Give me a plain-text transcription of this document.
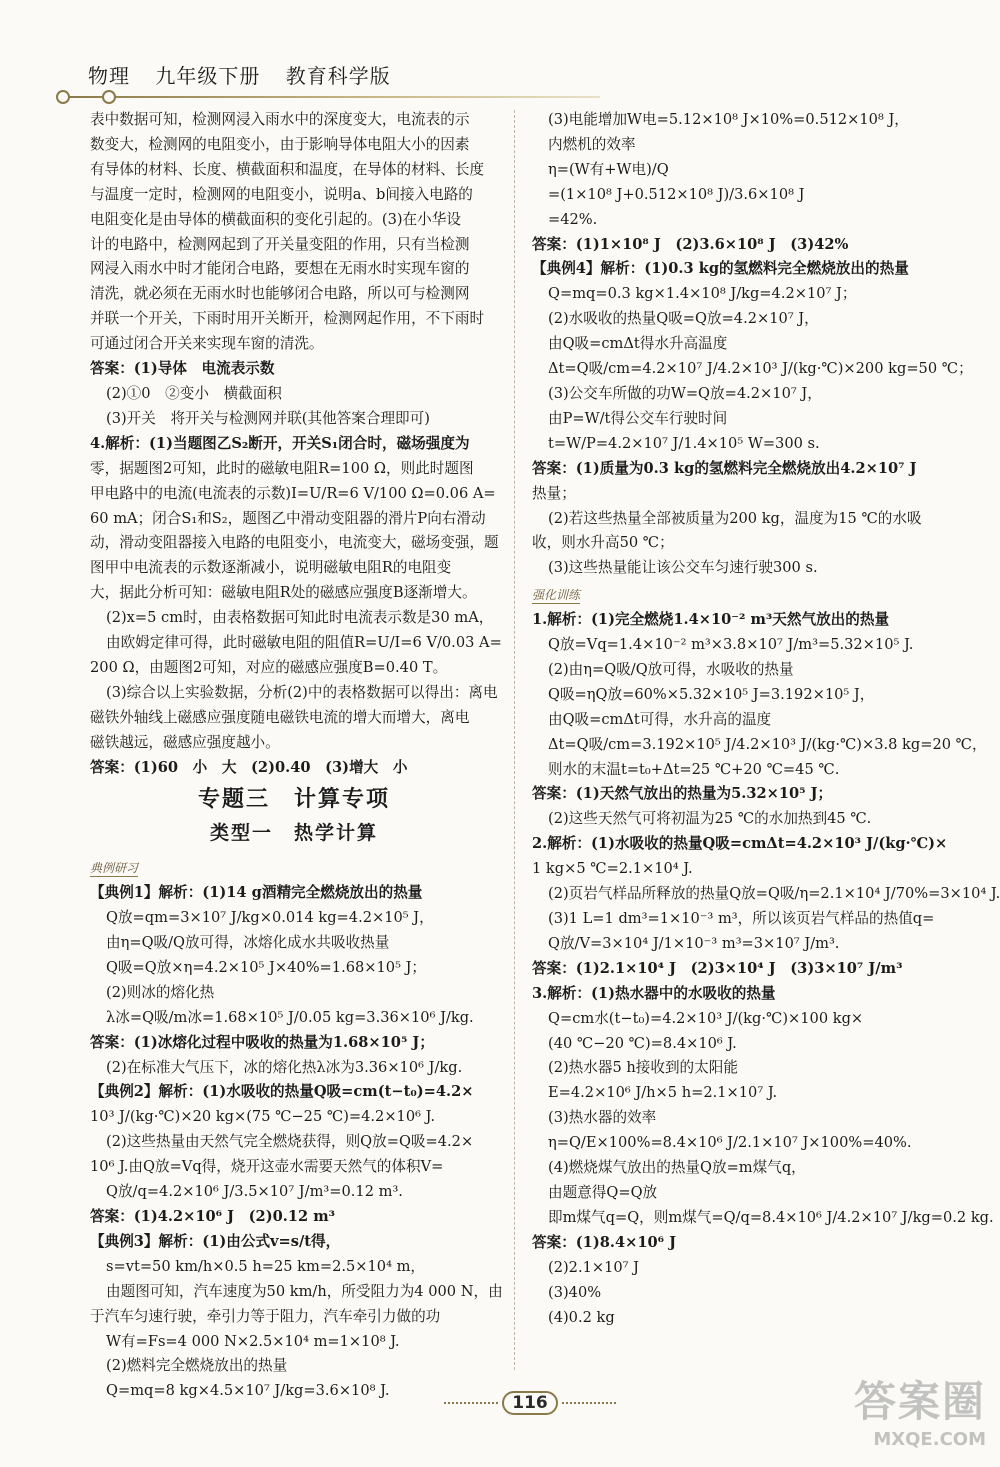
物理 九年级下册 教育科学版

表中数据可知，检测网浸入雨水中的深度变大，电流表的示

数变大，检测网的电阻变小，由于影响导体电阻大小的因素

有导体的材料、长度、横截面积和温度，在导体的材料、长度

与温度一定时，检测网的电阻变小，说明a、b间接入电路的

电阻变化是由导体的横截面积的变化引起的。(3)在小华设

计的电路中，检测网起到了开关量变阻的作用，只有当检测

网浸入雨水中时才能闭合电路，要想在无雨水时实现车窗的

清洗，就必须在无雨水时也能够闭合电路，所以可与检测网

并联一个开关，下雨时用开关断开，检测网起作用，不下雨时

可通过闭合开关来实现车窗的清洗。

答案：(1)导体　电流表示数

(2)①0　②变小　横截面积

(3)开关　将开关与检测网并联(其他答案合理即可)

4.解析：(1)当题图乙S₂断开，开关S₁闭合时，磁场强度为

零，据题图2可知，此时的磁敏电阻R=100 Ω，则此时题图

甲电路中的电流(电流表的示数)I=U/R=6 V/100 Ω=0.06 A=

60 mA；闭合S₁和S₂，题图乙中滑动变阻器的滑片P向右滑动

动，滑动变阻器接入电路的电阻变小，电流变大，磁场变强，题

图甲中电流表的示数逐渐减小，说明磁敏电阻R的电阻变

大，据此分析可知：磁敏电阻R处的磁感应强度B逐渐增大。

(2)x=5 cm时，由表格数据可知此时电流表示数是30 mA，

由欧姆定律可得，此时磁敏电阻的阻值R=U/I=6 V/0.03 A=

200 Ω，由题图2可知，对应的磁感应强度B=0.40 T。

(3)综合以上实验数据，分析(2)中的表格数据可以得出：离电

磁铁外轴线上磁感应强度随电磁铁电流的增大而增大，离电

磁铁越远，磁感应强度越小。

答案：(1)60　小　大　(2)0.40　(3)增大　小

专题三　计算专项
类型一　热学计算
典例研习

【典例1】解析：(1)14 g酒精完全燃烧放出的热量

Q放=qm=3×10⁷ J/kg×0.014 kg=4.2×10⁵ J，

由η=Q吸/Q放可得，冰熔化成水共吸收热量

Q吸=Q放×η=4.2×10⁵ J×40%=1.68×10⁵ J；

(2)则冰的熔化热

λ冰=Q吸/m冰=1.68×10⁵ J/0.05 kg=3.36×10⁶ J/kg.

答案：(1)冰熔化过程中吸收的热量为1.68×10⁵ J；

(2)在标准大气压下，冰的熔化热λ冰为3.36×10⁶ J/kg.

【典例2】解析：(1)水吸收的热量Q吸=cm(t−t₀)=4.2×

10³ J/(kg·℃)×20 kg×(75 ℃−25 ℃)=4.2×10⁶ J.

(2)这些热量由天然气完全燃烧获得，则Q放=Q吸=4.2×

10⁶ J.由Q放=Vq得，烧开这壶水需要天然气的体积V=

Q放/q=4.2×10⁶ J/3.5×10⁷ J/m³=0.12 m³.

答案：(1)4.2×10⁶ J　(2)0.12 m³

【典例3】解析：(1)由公式v=s/t得，

s=vt=50 km/h×0.5 h=25 km=2.5×10⁴ m，

由题图可知，汽车速度为50 km/h，所受阻力为4 000 N，由

于汽车匀速行驶，牵引力等于阻力，汽车牵引力做的功

W有=Fs=4 000 N×2.5×10⁴ m=1×10⁸ J.

(2)燃料完全燃烧放出的热量

Q=mq=8 kg×4.5×10⁷ J/kg=3.6×10⁸ J.

(3)电能增加W电=5.12×10⁸ J×10%=0.512×10⁸ J，

内燃机的效率

η=(W有+W电)/Q

=(1×10⁸ J+0.512×10⁸ J)/3.6×10⁸ J

=42%.

答案：(1)1×10⁸ J　(2)3.6×10⁸ J　(3)42%

【典例4】解析：(1)0.3 kg的氢燃料完全燃烧放出的热量

Q=mq=0.3 kg×1.4×10⁸ J/kg=4.2×10⁷ J；

(2)水吸收的热量Q吸=Q放=4.2×10⁷ J，

由Q吸=cmΔt得水升高温度

Δt=Q吸/cm=4.2×10⁷ J/4.2×10³ J/(kg·℃)×200 kg=50 ℃；

(3)公交车所做的功W=Q放=4.2×10⁷ J，

由P=W/t得公交车行驶时间

t=W/P=4.2×10⁷ J/1.4×10⁵ W=300 s.

答案：(1)质量为0.3 kg的氢燃料完全燃烧放出4.2×10⁷ J

热量；

(2)若这些热量全部被质量为200 kg，温度为15 ℃的水吸

收，则水升高50 ℃；

(3)这些热量能让该公交车匀速行驶300 s.

强化训练

1.解析：(1)完全燃烧1.4×10⁻² m³天然气放出的热量

Q放=Vq=1.4×10⁻² m³×3.8×10⁷ J/m³=5.32×10⁵ J.

(2)由η=Q吸/Q放可得，水吸收的热量

Q吸=ηQ放=60%×5.32×10⁵ J=3.192×10⁵ J，

由Q吸=cmΔt可得，水升高的温度

Δt=Q吸/cm=3.192×10⁵ J/4.2×10³ J/(kg·℃)×3.8 kg=20 ℃，

则水的末温t=t₀+Δt=25 ℃+20 ℃=45 ℃.

答案：(1)天然气放出的热量为5.32×10⁵ J；

(2)这些天然气可将初温为25 ℃的水加热到45 ℃.

2.解析：(1)水吸收的热量Q吸=cmΔt=4.2×10³ J/(kg·℃)×

1 kg×5 ℃=2.1×10⁴ J.

(2)页岩气样品所释放的热量Q放=Q吸/η=2.1×10⁴ J/70%=3×10⁴ J.

(3)1 L=1 dm³=1×10⁻³ m³，所以该页岩气样品的热值q=

Q放/V=3×10⁴ J/1×10⁻³ m³=3×10⁷ J/m³.

答案：(1)2.1×10⁴ J　(2)3×10⁴ J　(3)3×10⁷ J/m³

3.解析：(1)热水器中的水吸收的热量

Q=cm水(t−t₀)=4.2×10³ J/(kg·℃)×100 kg×

(40 ℃−20 ℃)=8.4×10⁶ J.

(2)热水器5 h接收到的太阳能

E=4.2×10⁶ J/h×5 h=2.1×10⁷ J.

(3)热水器的效率

η=Q/E×100%=8.4×10⁶ J/2.1×10⁷ J×100%=40%.

(4)燃烧煤气放出的热量Q放=m煤气q，

由题意得Q=Q放

即m煤气q=Q，则m煤气=Q/q=8.4×10⁶ J/4.2×10⁷ J/kg=0.2 kg.

答案：(1)8.4×10⁶ J

(2)2.1×10⁷ J

(3)40%

(4)0.2 kg

116	答案圈
MXQE.COM
